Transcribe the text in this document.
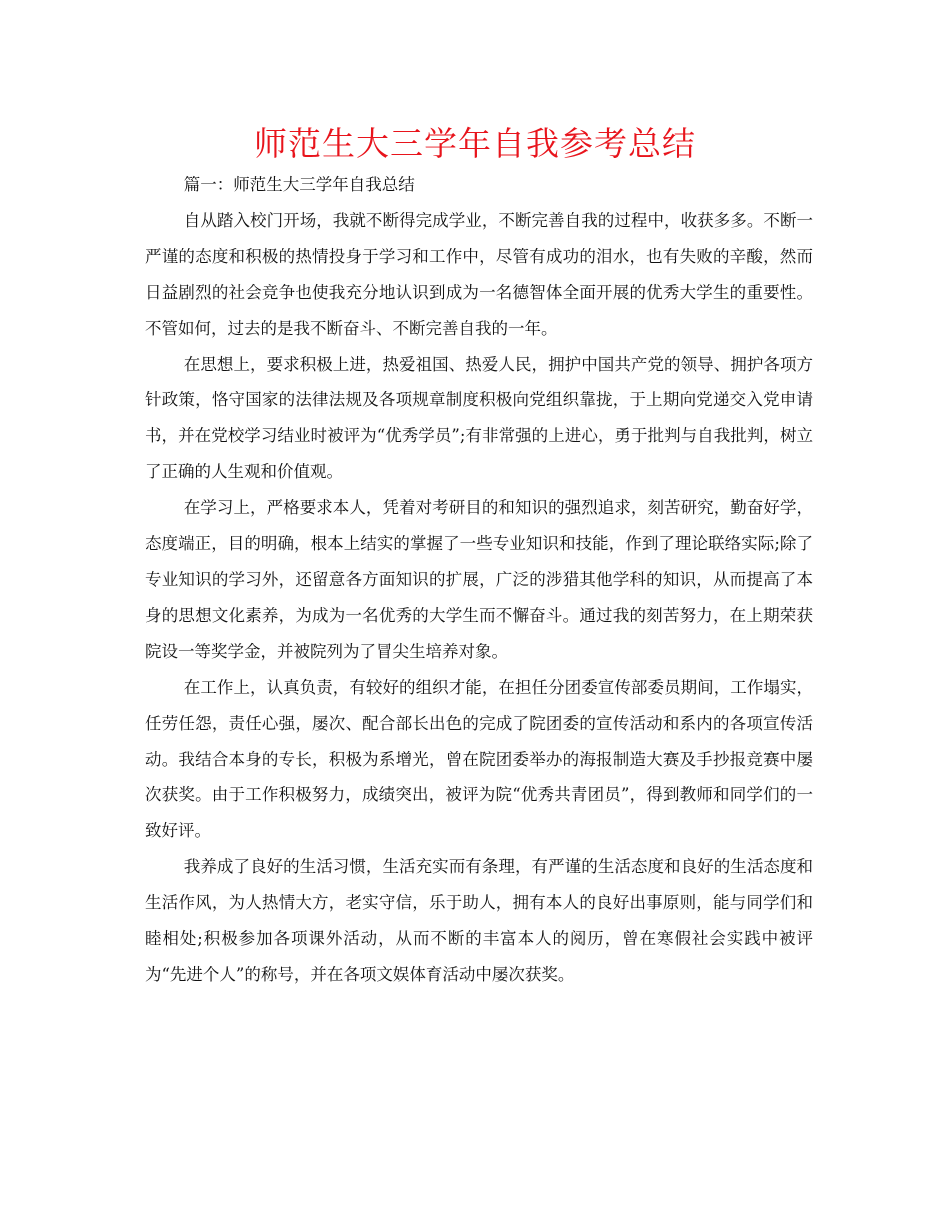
师范生大三学年自我参考总结

篇一：师范生大三学年自我总结

自从踏入校门开场，我就不断得完成学业，不断完善自我的过程中，收获多多。不断一严谨的态度和积极的热情投身于学习和工作中，尽管有成功的泪水，也有失败的辛酸，然而日益剧烈的社会竞争也使我充分地认识到成为一名德智体全面开展的优秀大学生的重要性。不管如何，过去的是我不断奋斗、不断完善自我的一年。

在思想上，要求积极上进，热爱祖国、热爱人民，拥护中国共产党的领导、拥护各项方针政策，恪守国家的法律法规及各项规章制度积极向党组织靠拢，于上期向党递交入党申请书，并在党校学习结业时被评为“优秀学员”;有非常强的上进心，勇于批判与自我批判，树立了正确的人生观和价值观。

在学习上，严格要求本人，凭着对考研目的和知识的强烈追求，刻苦研究，勤奋好学，态度端正，目的明确，根本上结实的掌握了一些专业知识和技能，作到了理论联络实际;除了专业知识的学习外，还留意各方面知识的扩展，广泛的涉猎其他学科的知识，从而提高了本身的思想文化素养，为成为一名优秀的大学生而不懈奋斗。通过我的刻苦努力，在上期荣获院设一等奖学金，并被院列为了冒尖生培养对象。

在工作上，认真负责，有较好的组织才能，在担任分团委宣传部委员期间，工作塌实，任劳任怨，责任心强，屡次、配合部长出色的完成了院团委的宣传活动和系内的各项宣传活动。我结合本身的专长，积极为系增光，曾在院团委举办的海报制造大赛及手抄报竞赛中屡次获奖。由于工作积极努力，成绩突出，被评为院“优秀共青团员”，得到教师和同学们的一致好评。

我养成了良好的生活习惯，生活充实而有条理，有严谨的生活态度和良好的生活态度和生活作风，为人热情大方，老实守信，乐于助人，拥有本人的良好出事原则，能与同学们和睦相处;积极参加各项课外活动，从而不断的丰富本人的阅历，曾在寒假社会实践中被评为“先进个人”的称号，并在各项文娱体育活动中屡次获奖。
